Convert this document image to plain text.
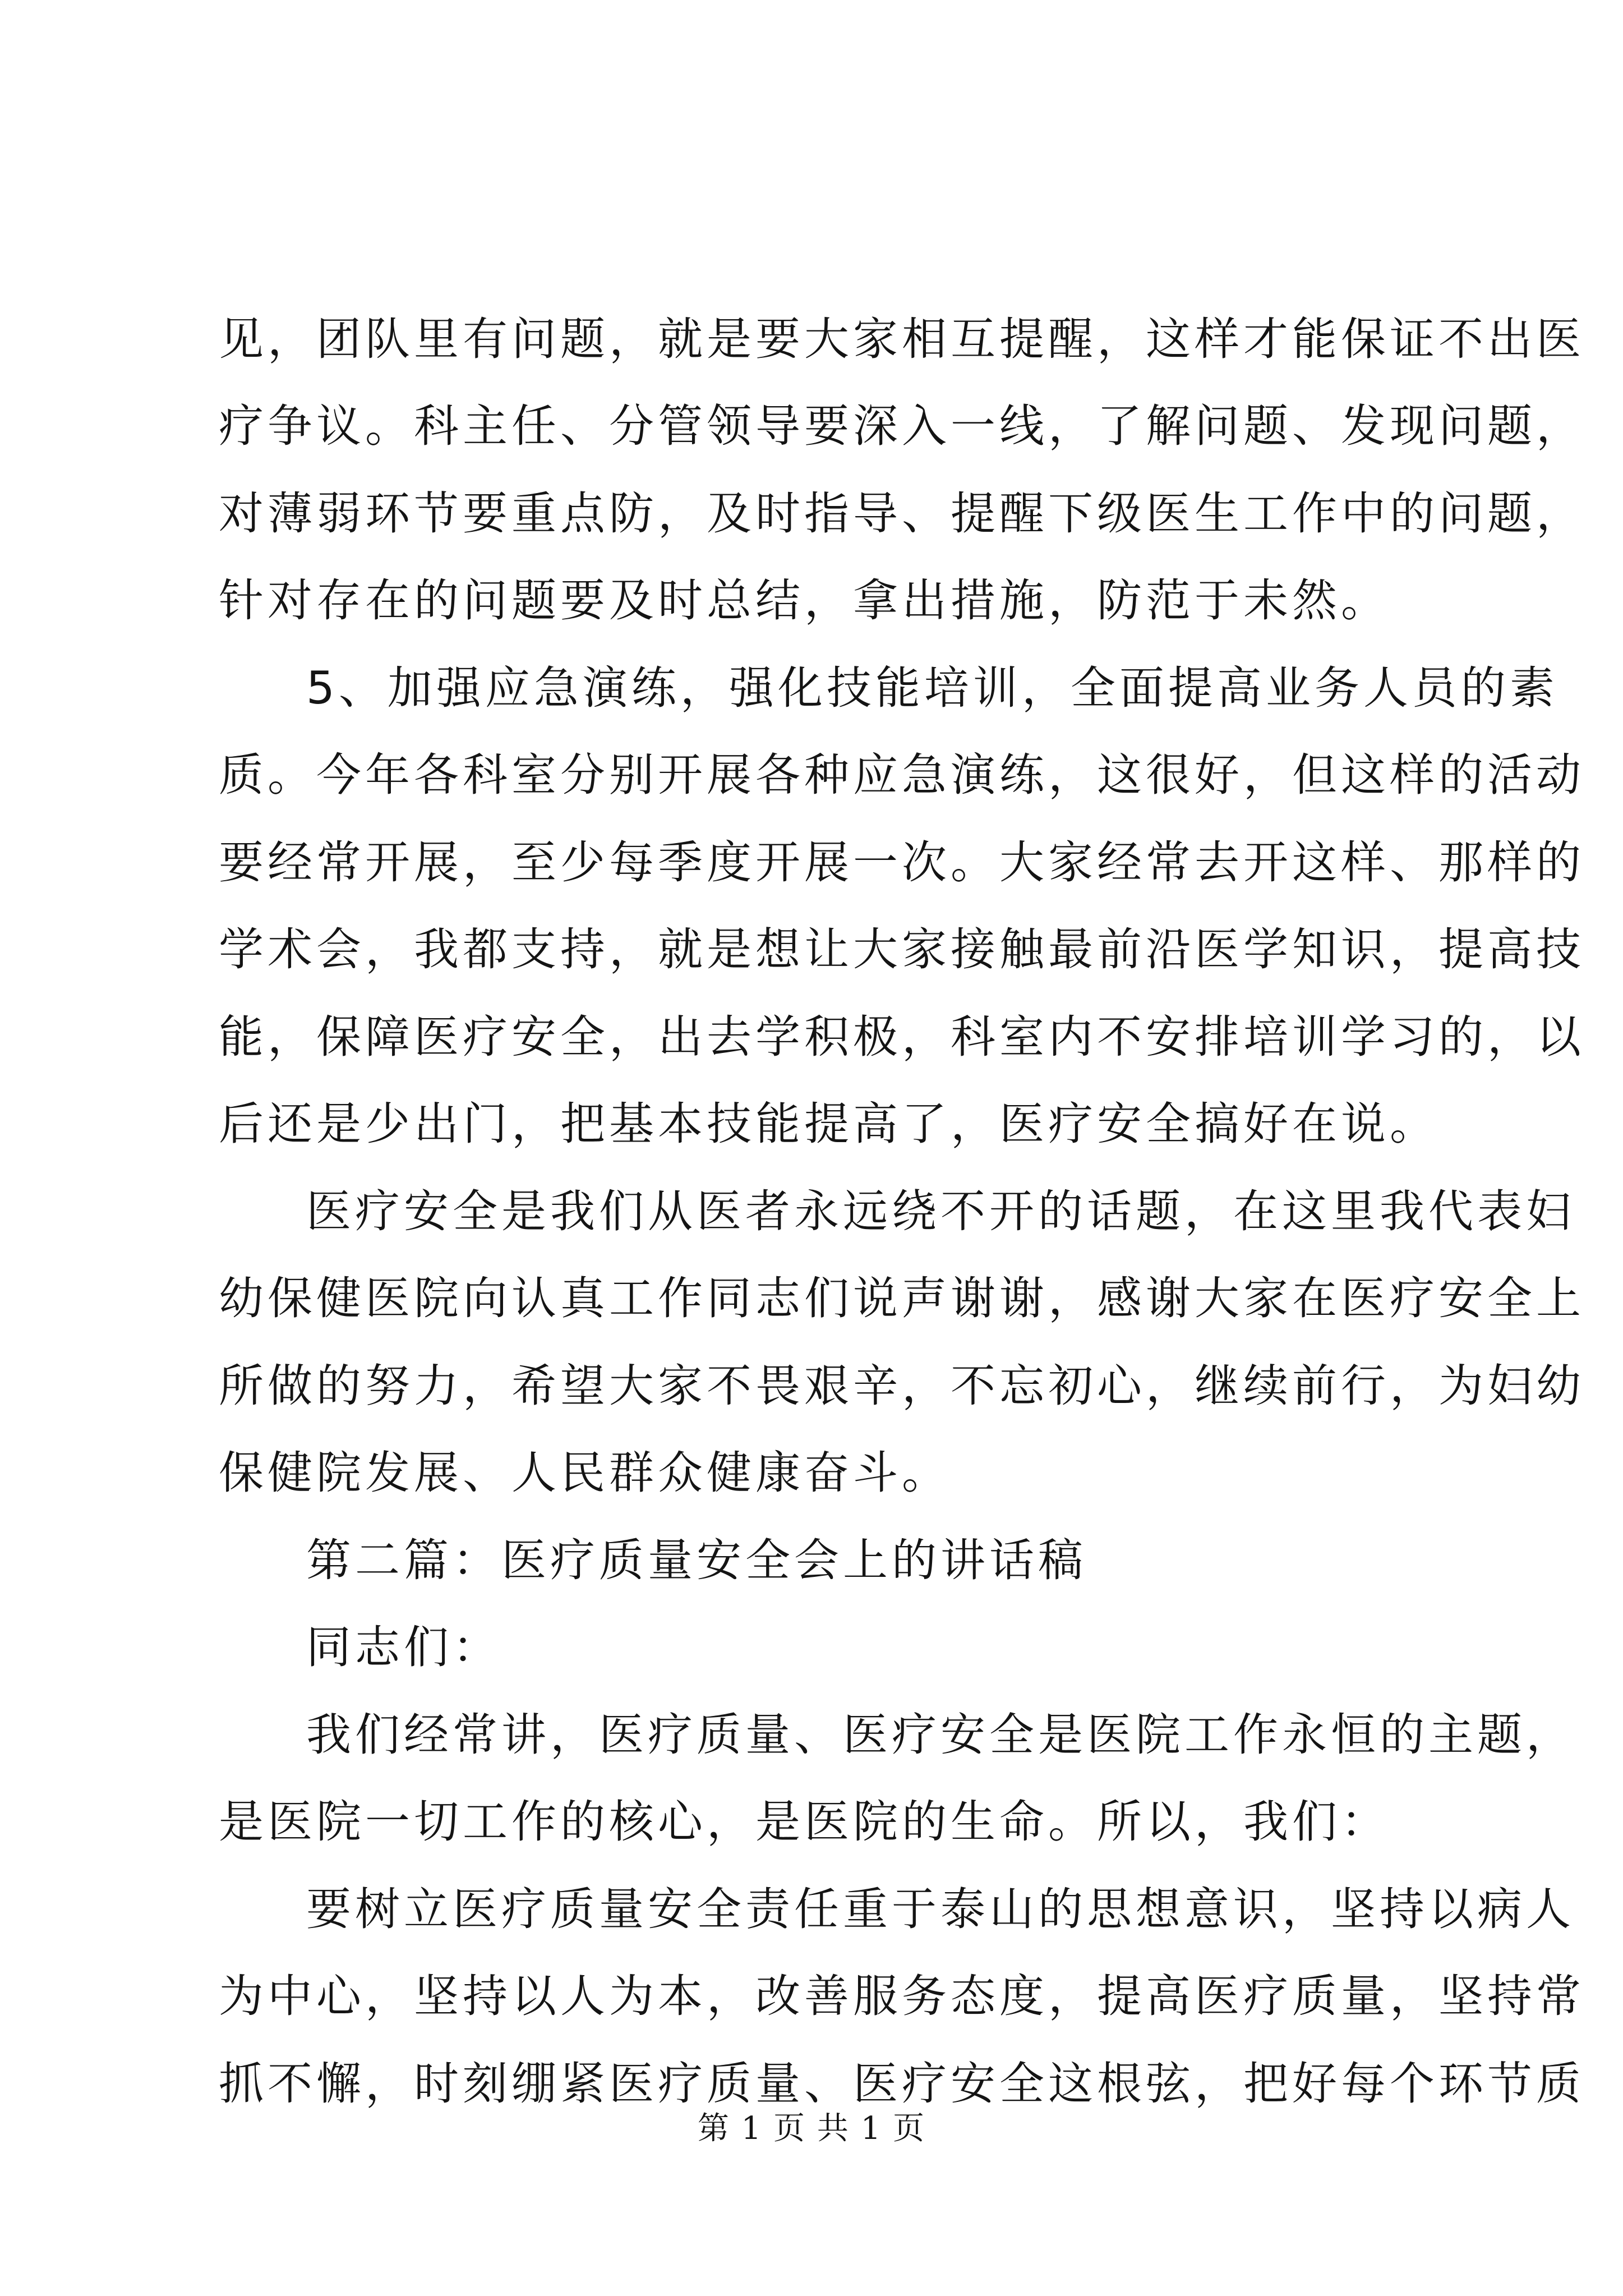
见，团队里有问题，就是要大家相互提醒，这样才能保证不出医
疗争议。科主任、分管领导要深入一线，了解问题、发现问题，
对薄弱环节要重点防，及时指导、提醒下级医生工作中的问题，
针对存在的问题要及时总结，拿出措施，防范于未然。
5、加强应急演练，强化技能培训，全面提高业务人员的素
质。今年各科室分别开展各种应急演练，这很好，但这样的活动
要经常开展，至少每季度开展一次。大家经常去开这样、那样的
学术会，我都支持，就是想让大家接触最前沿医学知识，提高技
能，保障医疗安全，出去学积极，科室内不安排培训学习的，以
后还是少出门，把基本技能提高了，医疗安全搞好在说。
医疗安全是我们从医者永远绕不开的话题，在这里我代表妇
幼保健医院向认真工作同志们说声谢谢，感谢大家在医疗安全上
所做的努力，希望大家不畏艰辛，不忘初心，继续前行，为妇幼
保健院发展、人民群众健康奋斗。
第二篇：医疗质量安全会上的讲话稿
同志们：
我们经常讲，医疗质量、医疗安全是医院工作永恒的主题，
是医院一切工作的核心，是医院的生命。所以，我们：
要树立医疗质量安全责任重于泰山的思想意识，坚持以病人
为中心，坚持以人为本，改善服务态度，提高医疗质量，坚持常
抓不懈，时刻绷紧医疗质量、医疗安全这根弦，把好每个环节质
第 1 页 共 1 页
